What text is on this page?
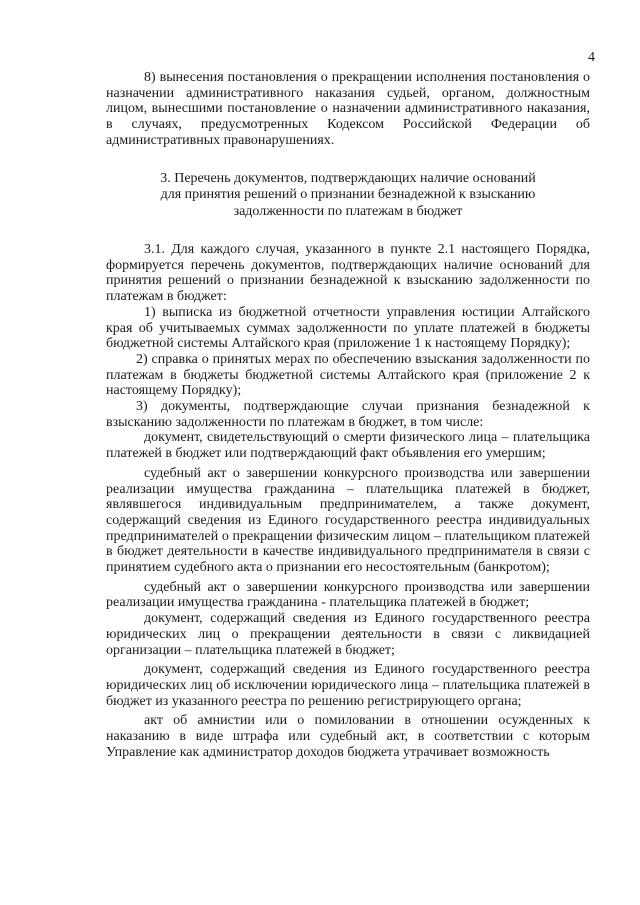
4

8) вынесения постановления о прекращении исполнения постановления о назначении административного наказания судьей, органом, должностным лицом, вынесшими постановление о назначении административного наказания, в случаях, предусмотренных Кодексом Российской Федерации об административных правонарушениях.

3. Перечень документов, подтверждающих наличие оснований
для принятия решений о признании безнадежной к взысканию
задолженности по платежам в бюджет

3.1. Для каждого случая, указанного в пункте 2.1 настоящего Порядка, формируется перечень документов, подтверждающих наличие оснований для принятия решений о признании безнадежной к взысканию задолженности по платежам в бюджет:

1) выписка из бюджетной отчетности управления юстиции Алтайского края об учитываемых суммах задолженности по уплате платежей в бюджеты бюджетной системы Алтайского края (приложение 1 к настоящему Порядку);

2) справка о принятых мерах по обеспечению взыскания задолженности по платежам в бюджеты бюджетной системы Алтайского края (приложение 2 к настоящему Порядку);

3) документы, подтверждающие случаи признания безнадежной к взысканию задолженности по платежам в бюджет, в том числе:

документ, свидетельствующий о смерти физического лица – плательщика платежей в бюджет или подтверждающий факт объявления его умершим;

судебный акт о завершении конкурсного производства или завершении реализации имущества гражданина – плательщика платежей в бюджет, являвшегося индивидуальным предпринимателем, а также документ, содержащий сведения из Единого государственного реестра индивидуальных предпринимателей о прекращении физическим лицом – плательщиком платежей в бюджет деятельности в качестве индивидуального предпринимателя в связи с принятием судебного акта о признании его несостоятельным (банкротом);

судебный акт о завершении конкурсного производства или завершении реализации имущества гражданина - плательщика платежей в бюджет;

документ, содержащий сведения из Единого государственного реестра юридических лиц о прекращении деятельности в связи с ликвидацией организации – плательщика платежей в бюджет;

документ, содержащий сведения из Единого государственного реестра юридических лиц об исключении юридического лица – плательщика платежей в бюджет из указанного реестра по решению регистрирующего органа;

акт об амнистии или о помиловании в отношении осужденных к наказанию в виде штрафа или судебный акт, в соответствии с которым Управление как администратор доходов бюджета утрачивает возможность
